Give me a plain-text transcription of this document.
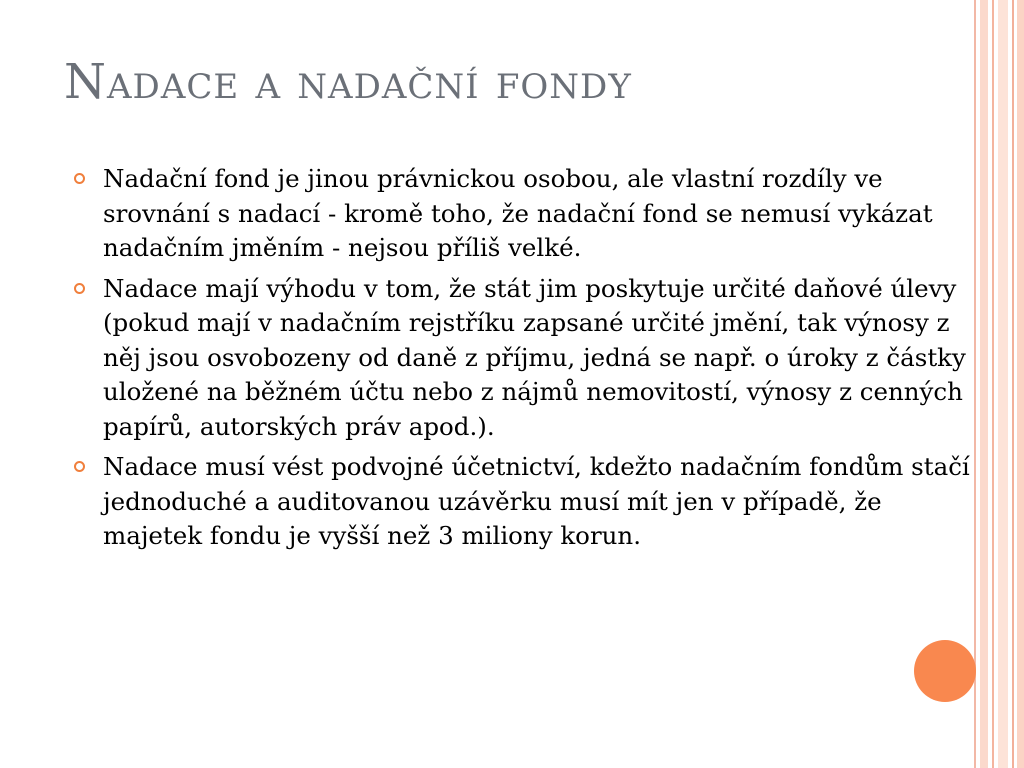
Nadace a nadační fondy
Nadační fond je jinou právnickou osobou, ale vlastní rozdíly ve srovnání s nadací - kromě toho, že nadační fond se nemusí vykázat nadačním jměním - nejsou příliš velké.
Nadace mají výhodu v tom, že stát jim poskytuje určité daňové úlevy (pokud mají v nadačním rejstříku zapsané určité jmění, tak výnosy z něj jsou osvobozeny od daně z příjmu, jedná se např. o úroky z částky uložené na běžném účtu nebo z nájmů nemovitostí, výnosy z cenných papírů, autorských práv apod.).
Nadace musí vést podvojné účetnictví, kdežto nadačním fondům stačí jednoduché a auditovanou uzávěrku musí mít jen v případě, že majetek fondu je vyšší než 3 miliony korun.
